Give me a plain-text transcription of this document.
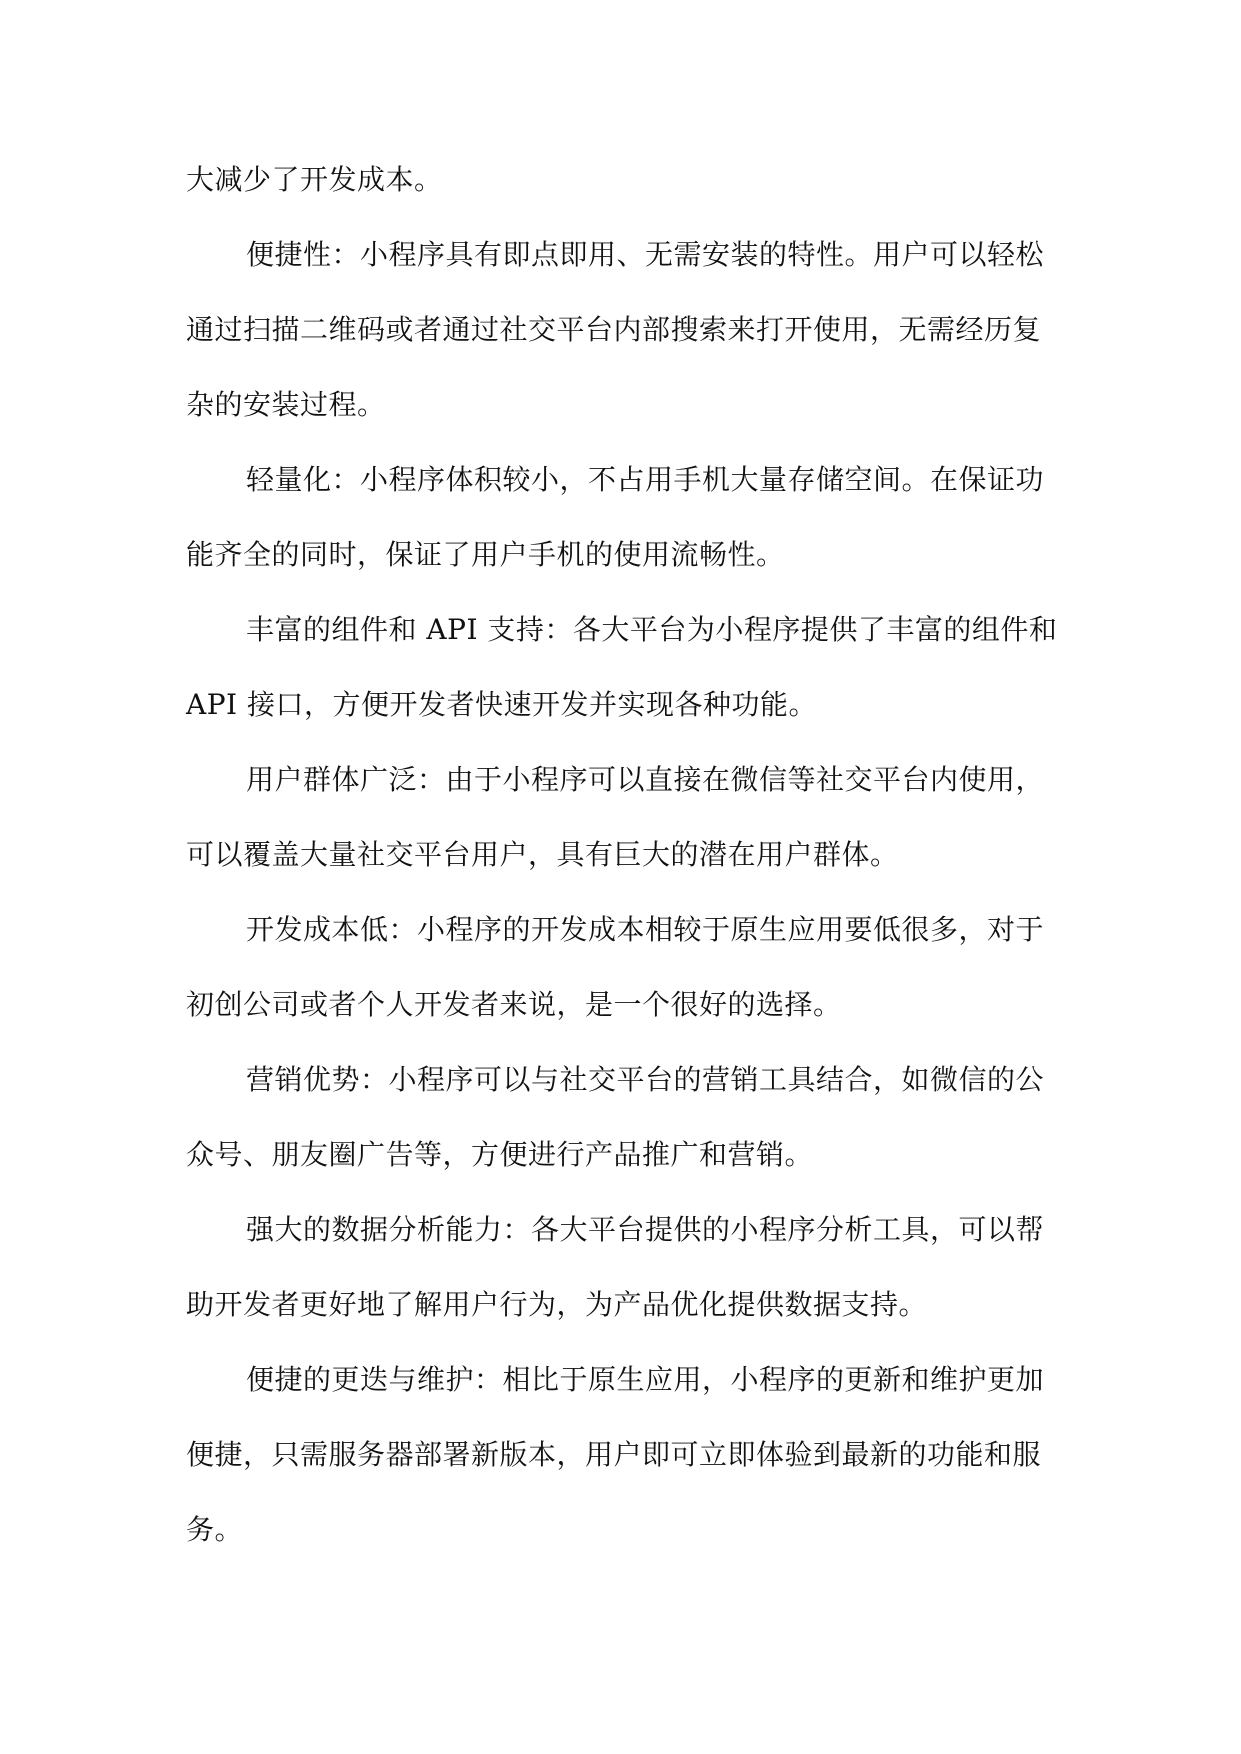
大减少了开发成本。
便捷性：小程序具有即点即用、无需安装的特性。用户可以轻松
通过扫描二维码或者通过社交平台内部搜索来打开使用，无需经历复
杂的安装过程。
轻量化：小程序体积较小，不占用手机大量存储空间。在保证功
能齐全的同时，保证了用户手机的使用流畅性。
丰富的组件和 API 支持：各大平台为小程序提供了丰富的组件和
API 接口，方便开发者快速开发并实现各种功能。
用户群体广泛：由于小程序可以直接在微信等社交平台内使用，
可以覆盖大量社交平台用户，具有巨大的潜在用户群体。
开发成本低：小程序的开发成本相较于原生应用要低很多，对于
初创公司或者个人开发者来说，是一个很好的选择。
营销优势：小程序可以与社交平台的营销工具结合，如微信的公
众号、朋友圈广告等，方便进行产品推广和营销。
强大的数据分析能力：各大平台提供的小程序分析工具，可以帮
助开发者更好地了解用户行为，为产品优化提供数据支持。
便捷的更迭与维护：相比于原生应用，小程序的更新和维护更加
便捷，只需服务器部署新版本，用户即可立即体验到最新的功能和服
务。
